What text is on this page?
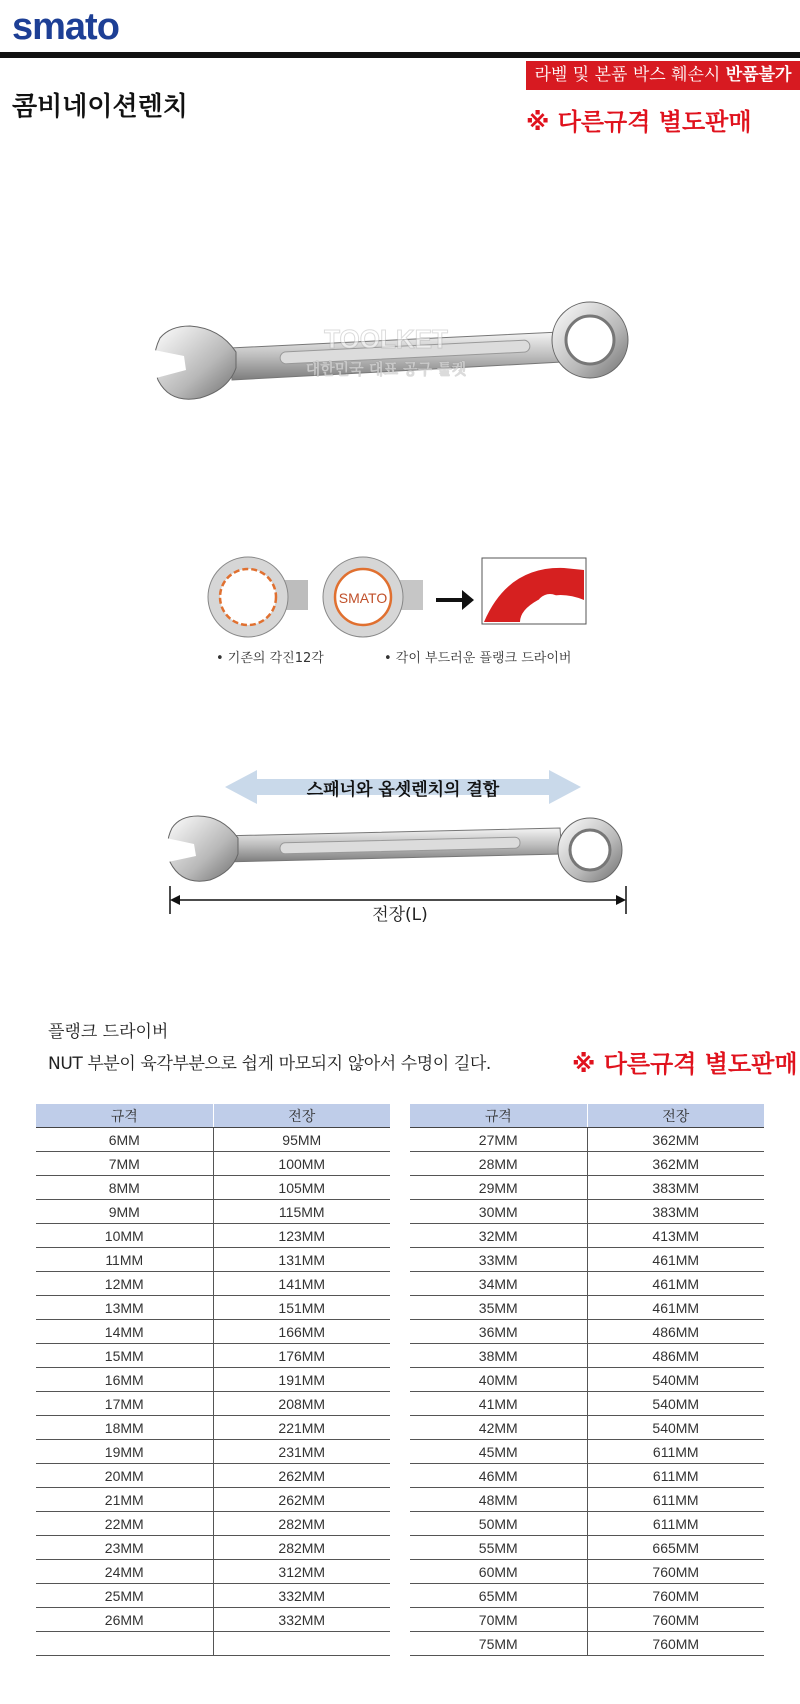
smato
라벨 및 본품 박스 훼손시 반품불가
콤비네이션렌치	※ 다른규격 별도판매
TOOLKET
대한민국 대표 공구 툴켓
SMATO
• 기존의 각진12각	• 각이 부드러운 플랭크 드라이버
스패너와 옵셋렌치의 결합
전장(L)
플랭크 드라이버
NUT 부분이 육각부분으로 쉽게 마모되지 않아서 수명이 길다.	※ 다른규격 별도판매
규격	전장
6MM	95MM
7MM	100MM
8MM	105MM
9MM	115MM
10MM	123MM
11MM	131MM
12MM	141MM
13MM	151MM
14MM	166MM
15MM	176MM
16MM	191MM
17MM	208MM
18MM	221MM
19MM	231MM
20MM	262MM
21MM	262MM
22MM	282MM
23MM	282MM
24MM	312MM
25MM	332MM
26MM	332MM

규격	전장
27MM	362MM
28MM	362MM
29MM	383MM
30MM	383MM
32MM	413MM
33MM	461MM
34MM	461MM
35MM	461MM
36MM	486MM
38MM	486MM
40MM	540MM
41MM	540MM
42MM	540MM
45MM	611MM
46MM	611MM
48MM	611MM
50MM	611MM
55MM	665MM
60MM	760MM
65MM	760MM
70MM	760MM
75MM	760MM
